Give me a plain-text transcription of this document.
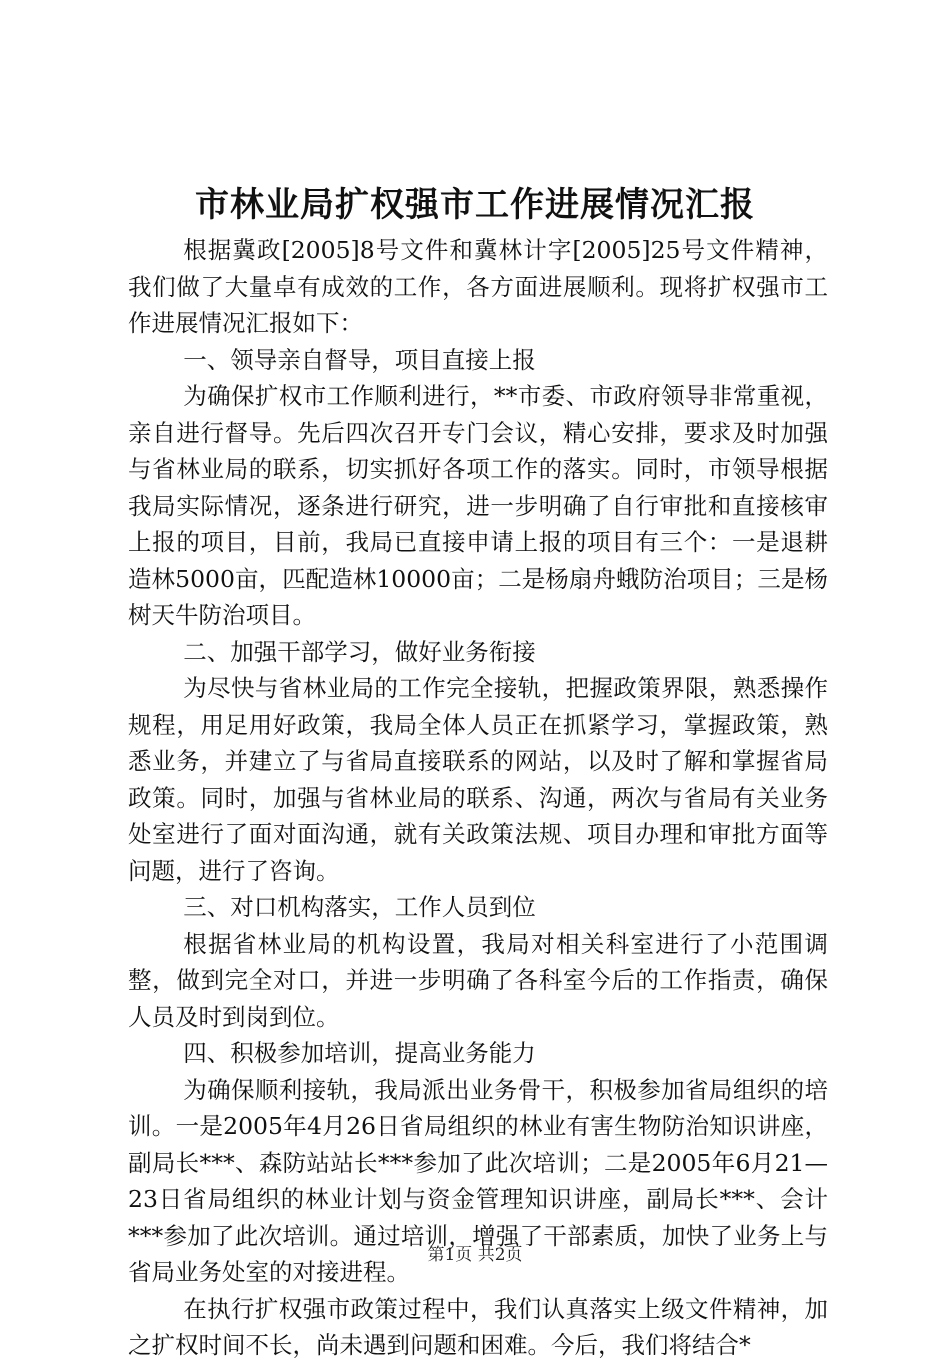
市林业局扩权强市工作进展情况汇报

根据冀政[2005]8号文件和冀林计字[2005]25号文件精神，我们做了大量卓有成效的工作，各方面进展顺利。现将扩权强市工作进展情况汇报如下：

一、领导亲自督导，项目直接上报

为确保扩权市工作顺利进行，**市委、市政府领导非常重视，亲自进行督导。先后四次召开专门会议，精心安排，要求及时加强与省林业局的联系，切实抓好各项工作的落实。同时，市领导根据我局实际情况，逐条进行研究，进一步明确了自行审批和直接核审上报的项目，目前，我局已直接申请上报的项目有三个：一是退耕造林5000亩，匹配造林10000亩；二是杨扇舟蛾防治项目；三是杨树天牛防治项目。

二、加强干部学习，做好业务衔接

为尽快与省林业局的工作完全接轨，把握政策界限，熟悉操作规程，用足用好政策，我局全体人员正在抓紧学习，掌握政策，熟悉业务，并建立了与省局直接联系的网站，以及时了解和掌握省局政策。同时，加强与省林业局的联系、沟通，两次与省局有关业务处室进行了面对面沟通，就有关政策法规、项目办理和审批方面等问题，进行了咨询。

三、对口机构落实，工作人员到位

根据省林业局的机构设置，我局对相关科室进行了小范围调整，做到完全对口，并进一步明确了各科室今后的工作指责，确保人员及时到岗到位。

四、积极参加培训，提高业务能力

为确保顺利接轨，我局派出业务骨干，积极参加省局组织的培训。一是2005年4月26日省局组织的林业有害生物防治知识讲座，副局长***、森防站站长***参加了此次培训；二是2005年6月21—23日省局组织的林业计划与资金管理知识讲座，副局长***、会计***参加了此次培训。通过培训，增强了干部素质，加快了业务上与省局业务处室的对接进程。

在执行扩权强市政策过程中，我们认真落实上级文件精神，加之扩权时间不长，尚未遇到问题和困难。今后，我们将结合*

第1页 共2页
